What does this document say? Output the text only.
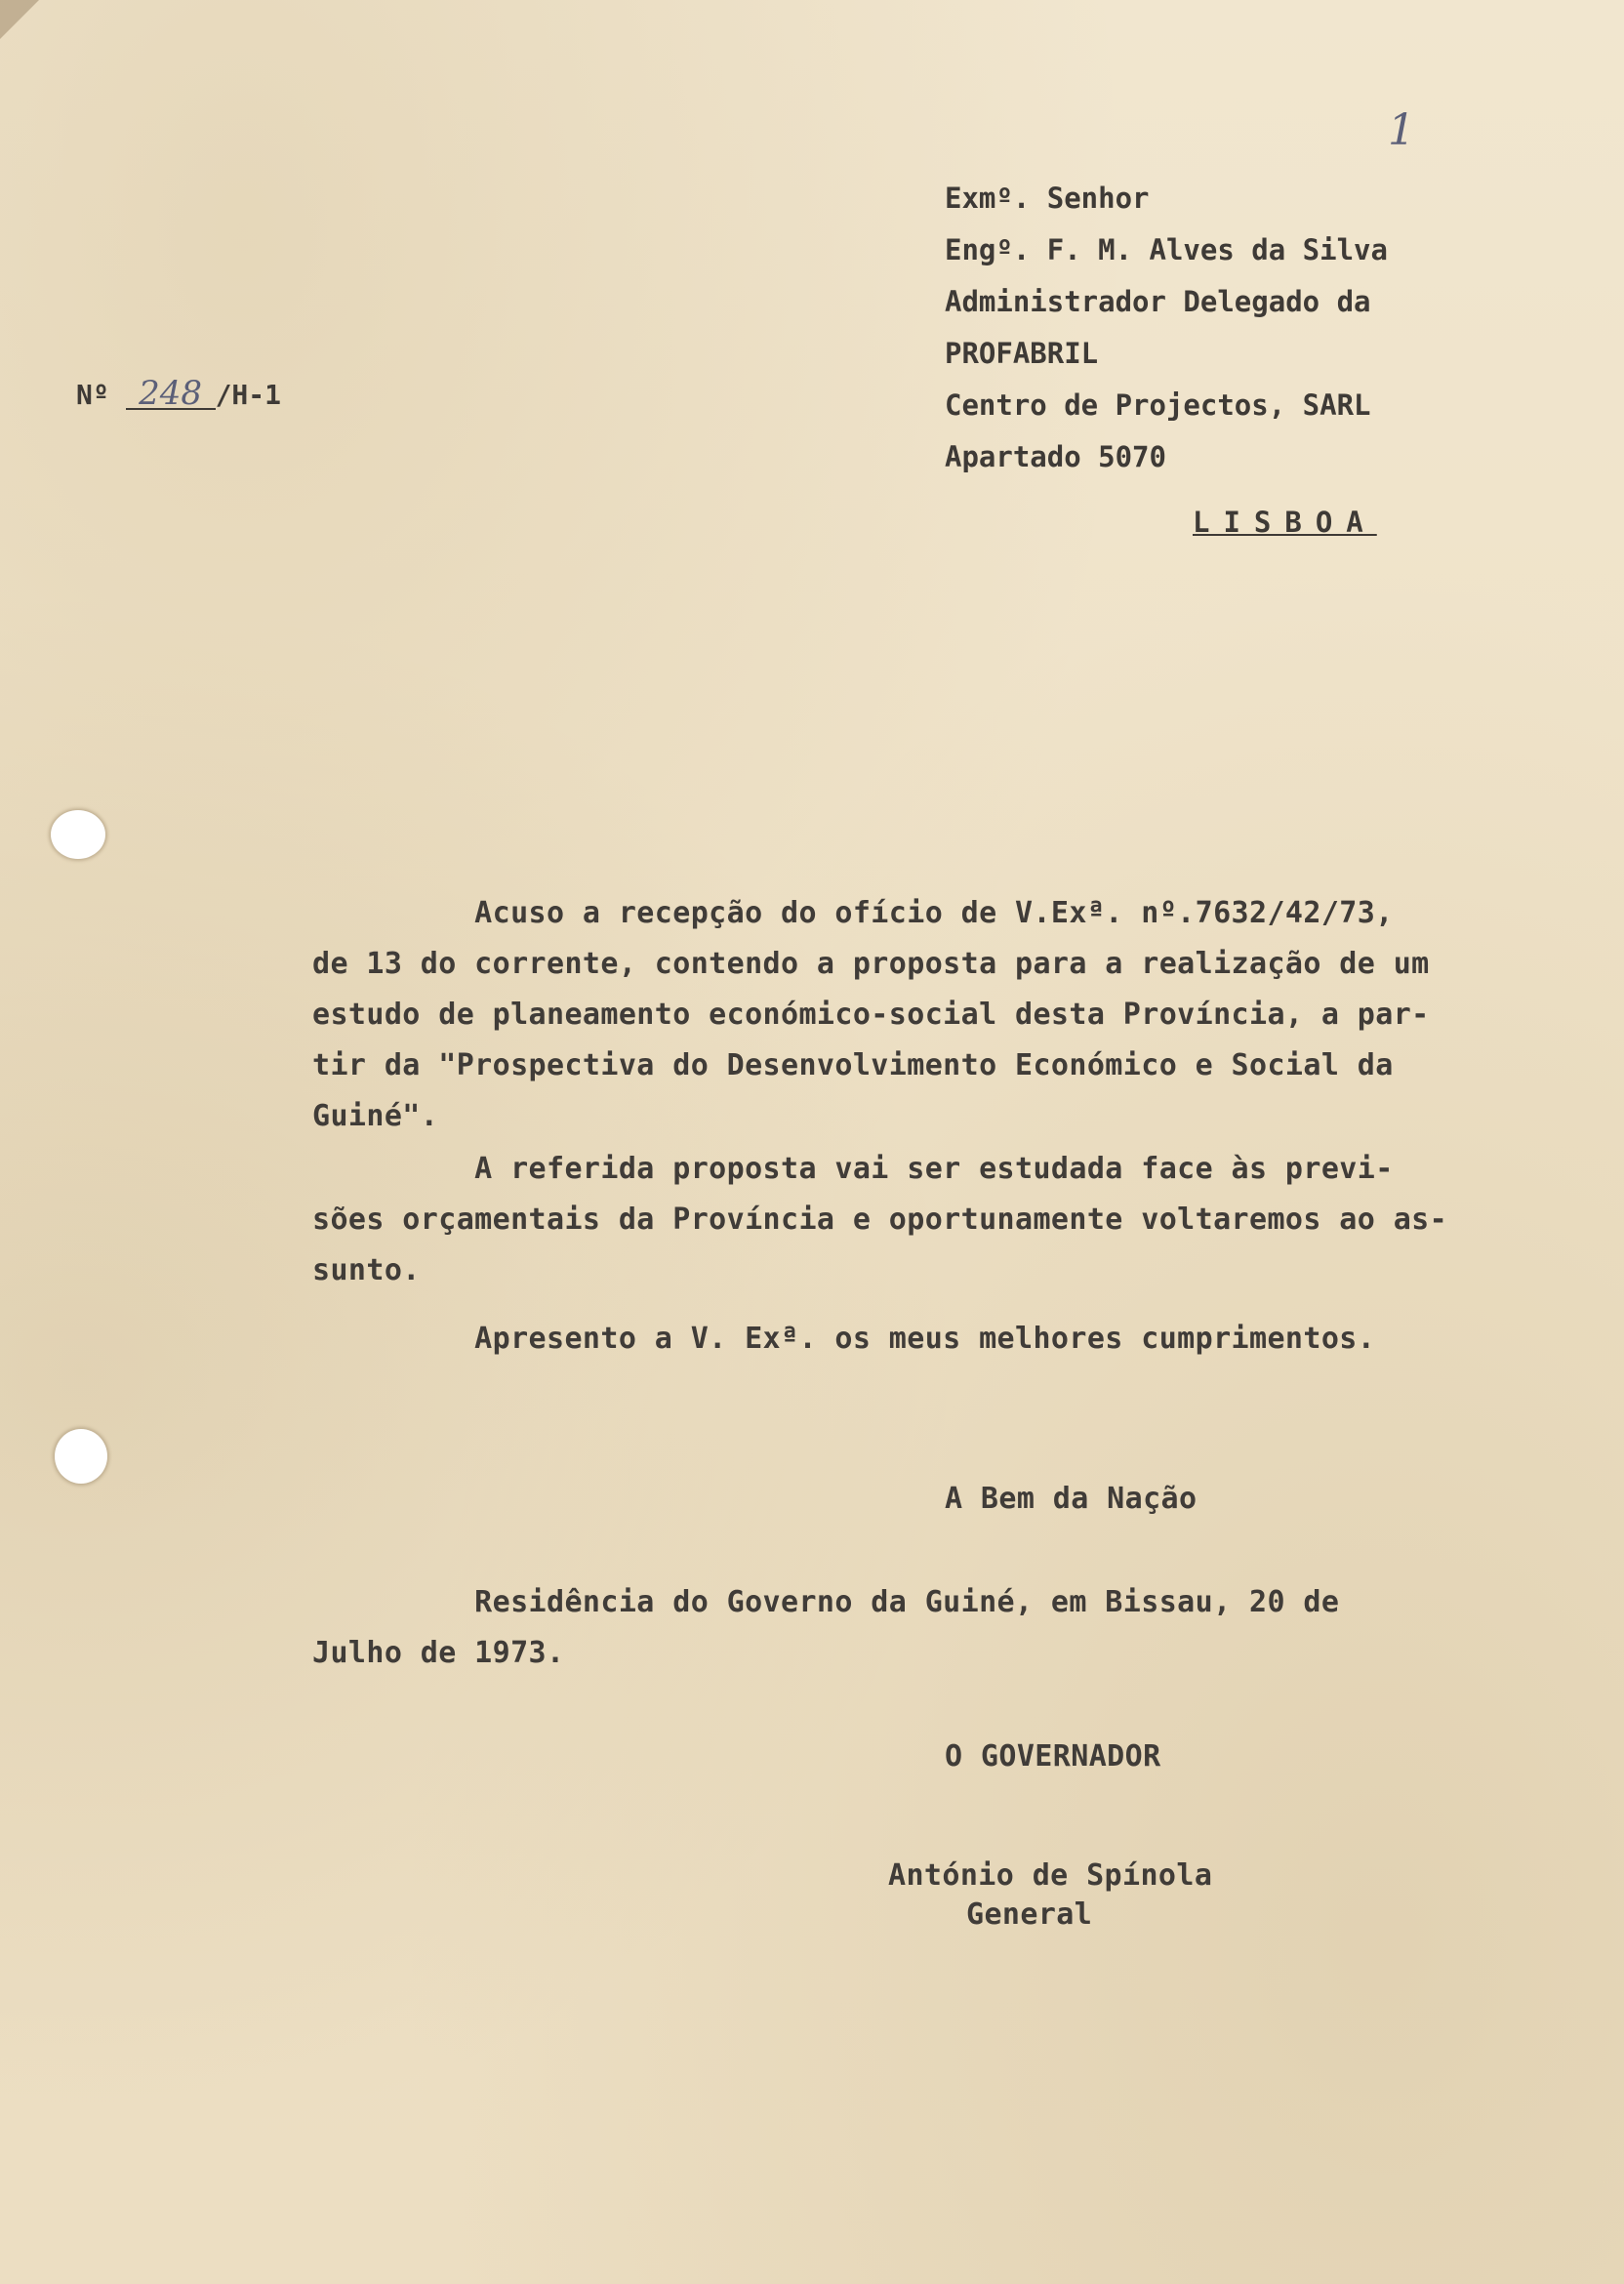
1
Nº 248 /H-1
Exmº. Senhor
Engº. F. M. Alves da Silva
Administrador Delegado da
PROFABRIL
Centro de Projectos, SARL
Apartado 5070
LISBOA
Acuso a recepção do ofício de V.Exª. nº.7632/42/73,
de 13 do corrente, contendo a proposta para a realização de um
estudo de planeamento económico-social desta Província, a par-
tir da "Prospectiva do Desenvolvimento Económico e Social da
Guiné".
A referida proposta vai ser estudada face às previ-
sões orçamentais da Província e oportunamente voltaremos ao as-
sunto.
Apresento a V. Exª. os meus melhores cumprimentos.
A Bem da Nação
Residência do Governo da Guiné, em Bissau, 20 de
Julho de 1973.
O GOVERNADOR
António de Spínola
General
